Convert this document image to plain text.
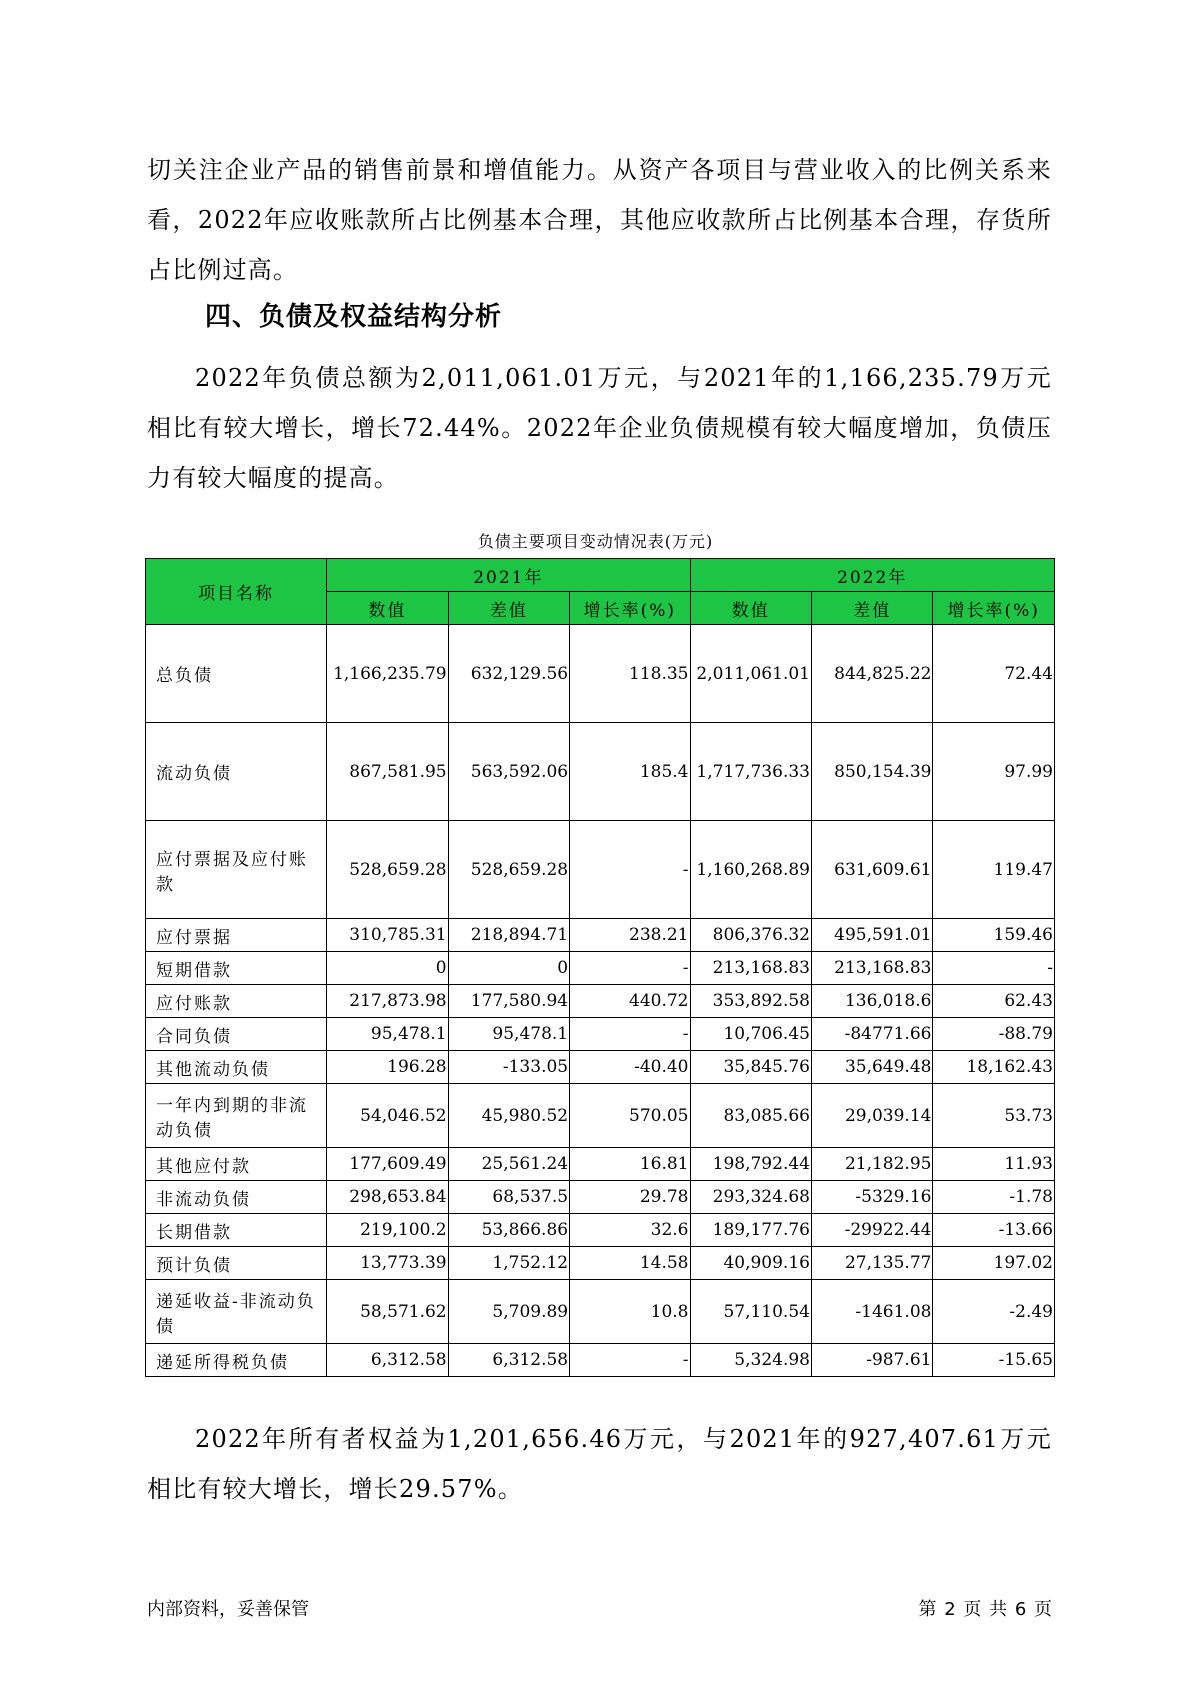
切关注企业产品的销售前景和增值能力。从资产各项目与营业收入的比例关系来看，2022年应收账款所占比例基本合理，其他应收款所占比例基本合理，存货所占比例过高。

四、负债及权益结构分析

2022年负债总额为2,011,061.01万元，与2021年的1,166,235.79万元相比有较大增长，增长72.44%。2022年企业负债规模有较大幅度增加，负债压力有较大幅度的提高。

负债主要项目变动情况表(万元)
项目名称	2021年			2022年		
	数值	差值	增长率(%)	数值	差值	增长率(%)
总负债	1,166,235.79	632,129.56	118.35	2,011,061.01	844,825.22	72.44
流动负债	867,581.95	563,592.06	185.4	1,717,736.33	850,154.39	97.99
应付票据及应付账款	528,659.28	528,659.28	-	1,160,268.89	631,609.61	119.47
应付票据	310,785.31	218,894.71	238.21	806,376.32	495,591.01	159.46
短期借款	0	0	-	213,168.83	213,168.83	-
应付账款	217,873.98	177,580.94	440.72	353,892.58	136,018.6	62.43
合同负债	95,478.1	95,478.1	-	10,706.45	-84771.66	-88.79
其他流动负债	196.28	-133.05	-40.40	35,845.76	35,649.48	18,162.43
一年内到期的非流动负债	54,046.52	45,980.52	570.05	83,085.66	29,039.14	53.73
其他应付款	177,609.49	25,561.24	16.81	198,792.44	21,182.95	11.93
非流动负债	298,653.84	68,537.5	29.78	293,324.68	-5329.16	-1.78
长期借款	219,100.2	53,866.86	32.6	189,177.76	-29922.44	-13.66
预计负债	13,773.39	1,752.12	14.58	40,909.16	27,135.77	197.02
递延收益-非流动负债	58,571.62	5,709.89	10.8	57,110.54	-1461.08	-2.49
递延所得税负债	6,312.58	6,312.58	-	5,324.98	-987.61	-15.65

2022年所有者权益为1,201,656.46万元，与2021年的927,407.61万元相比有较大增长，增长29.57%。

内部资料，妥善保管	第 2 页 共 6 页
